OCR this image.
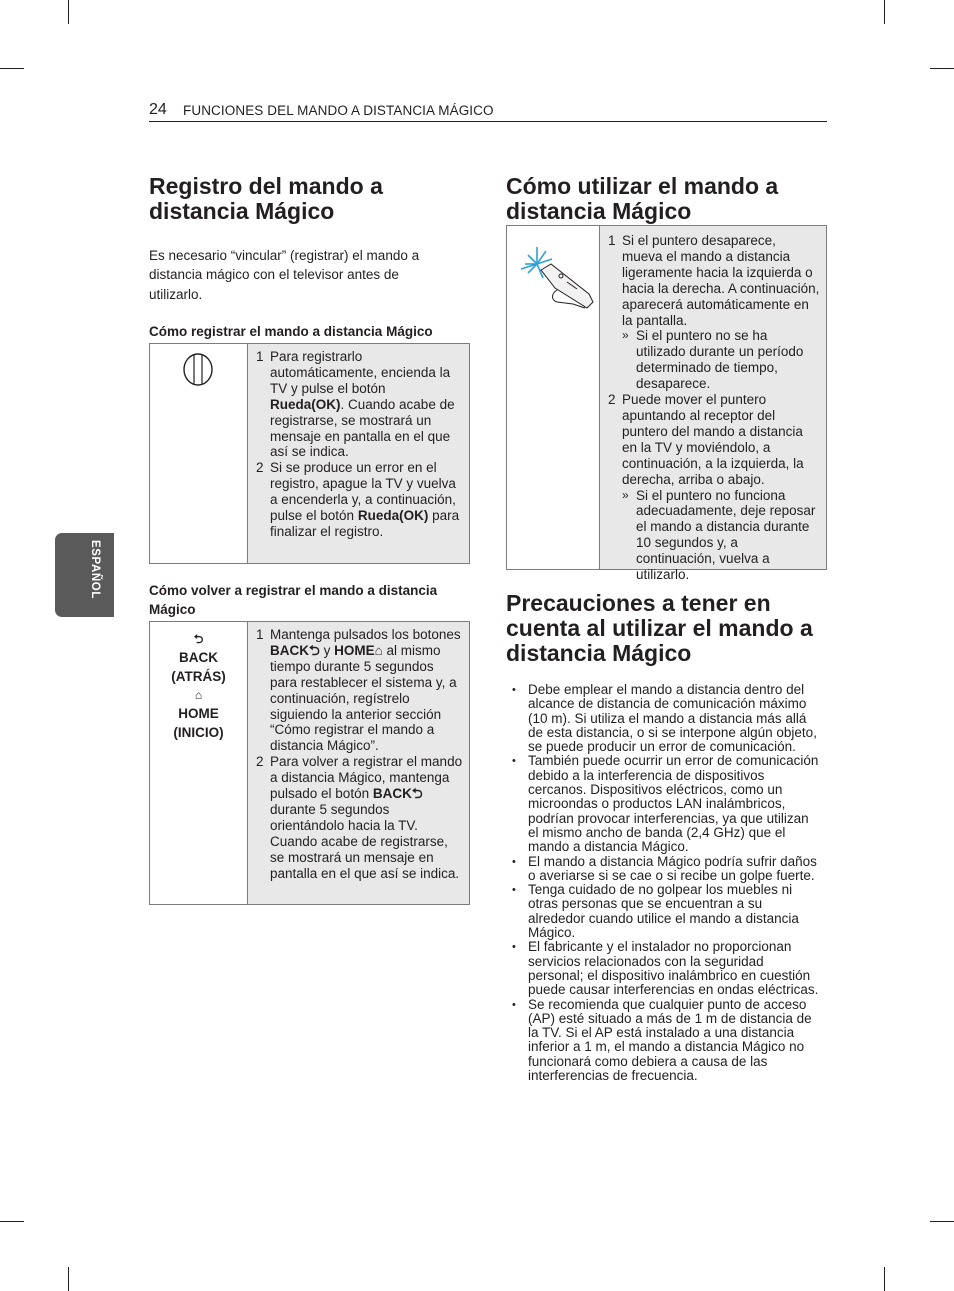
24 FUNCIONES DEL MANDO A DISTANCIA MÁGICO
ESPAÑOL
Registro del mando a distancia Mágico

Es necesario “vincular” (registrar) el mando a distancia mágico con el televisor antes de utilizarlo.

Cómo registrar el mando a distancia Mágico

1 Para registrarlo automáticamente, encienda la TV y pulse el botón Rueda(OK). Cuando acabe de registrarse, se mostrará un mensaje en pantalla en el que así se indica.
2 Si se produce un error en el registro, apague la TV y vuelva a encenderla y, a continuación, pulse el botón Rueda(OK) para finalizar el registro.

Cómo volver a registrar el mando a distancia Mágico

⮌
BACK
(ATRÁS)
⌂
HOME
(INICIO)
1 Mantenga pulsados los botones BACK⮌ y HOME⌂ al mismo tiempo durante 5 segundos para restablecer el sistema y, a continuación, regístrelo siguiendo la anterior sección “Cómo registrar el mando a distancia Mágico”.
2 Para volver a registrar el mando a distancia Mágico, mantenga pulsado el botón BACK⮌ durante 5 segundos orientándolo hacia la TV. Cuando acabe de registrarse, se mostrará un mensaje en pantalla en el que así se indica.
Cómo utilizar el mando a distancia Mágico
1 Si el puntero desaparece, mueva el mando a distancia ligeramente hacia la izquierda o hacia la derecha. A continuación, aparecerá automáticamente en la pantalla.
» Si el puntero no se ha utilizado durante un período determinado de tiempo, desaparece.
2 Puede mover el puntero apuntando al receptor del puntero del mando a distancia en la TV y moviéndolo, a continuación, a la izquierda, la derecha, arriba o abajo.
» Si el puntero no funciona adecuadamente, deje reposar el mando a distancia durante 10 segundos y, a continuación, vuelva a utilizarlo.
Precauciones a tener en cuenta al utilizar el mando a distancia Mágico
• Debe emplear el mando a distancia dentro del alcance de distancia de comunicación máximo (10 m). Si utiliza el mando a distancia más allá de esta distancia, o si se interpone algún objeto, se puede producir un error de comunicación.
• También puede ocurrir un error de comunicación debido a la interferencia de dispositivos cercanos. Dispositivos eléctricos, como un microondas o productos LAN inalámbricos, podrían provocar interferencias, ya que utilizan el mismo ancho de banda (2,4 GHz) que el mando a distancia Mágico.
• El mando a distancia Mágico podría sufrir daños o averiarse si se cae o si recibe un golpe fuerte.
• Tenga cuidado de no golpear los muebles ni otras personas que se encuentran a su alrededor cuando utilice el mando a distancia Mágico.
• El fabricante y el instalador no proporcionan servicios relacionados con la seguridad personal; el dispositivo inalámbrico en cuestión puede causar interferencias en ondas eléctricas.
• Se recomienda que cualquier punto de acceso (AP) esté situado a más de 1 m de distancia de la TV. Si el AP está instalado a una distancia inferior a 1 m, el mando a distancia Mágico no funcionará como debiera a causa de las interferencias de frecuencia.
